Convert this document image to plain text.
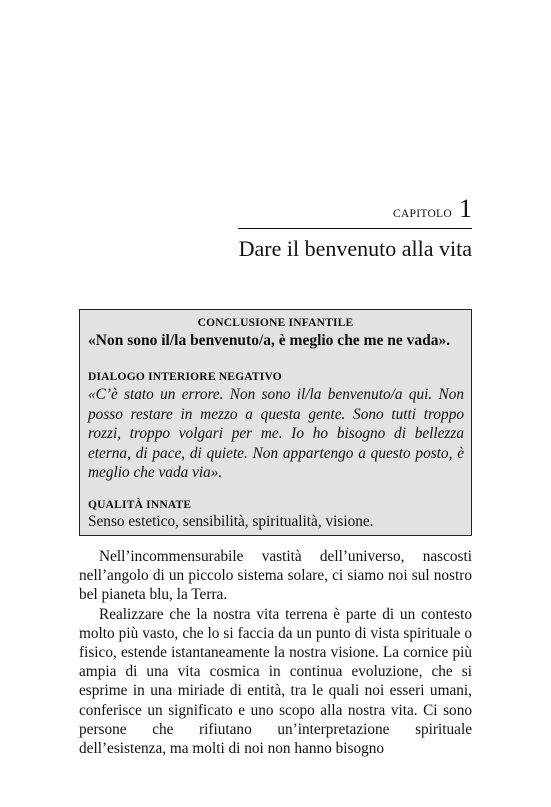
CAPITOLO 1
Dare il benvenuto alla vita
CONCLUSIONE INFANTILE
«Non sono il/la benvenuto/a, è meglio che me ne vada».
DIALOGO INTERIORE NEGATIVO
«C’è stato un errore. Non sono il/la benvenuto/a qui. Non posso restare in mezzo a questa gente. Sono tutti troppo rozzi, troppo volgari per me. Io ho bisogno di bellezza eterna, di pace, di quiete. Non appartengo a questo posto, è meglio che vada via».
QUALITÀ INNATE
Senso estetico, sensibilità, spiritualità, visione.

Nell’incommensurabile vastità dell’universo, nascosti nell’angolo di un piccolo sistema solare, ci siamo noi sul nostro bel pianeta blu, la Terra.

Realizzare che la nostra vita terrena è parte di un contesto molto più vasto, che lo si faccia da un punto di vista spirituale o fisico, estende istantaneamente la nostra visione. La cornice più ampia di una vita cosmica in continua evoluzione, che si esprime in una miriade di entità, tra le quali noi esseri umani, conferisce un significato e uno scopo alla nostra vita. Ci sono persone che rifiutano un’interpretazione spirituale dell’esistenza, ma molti di noi non hanno bisogno
